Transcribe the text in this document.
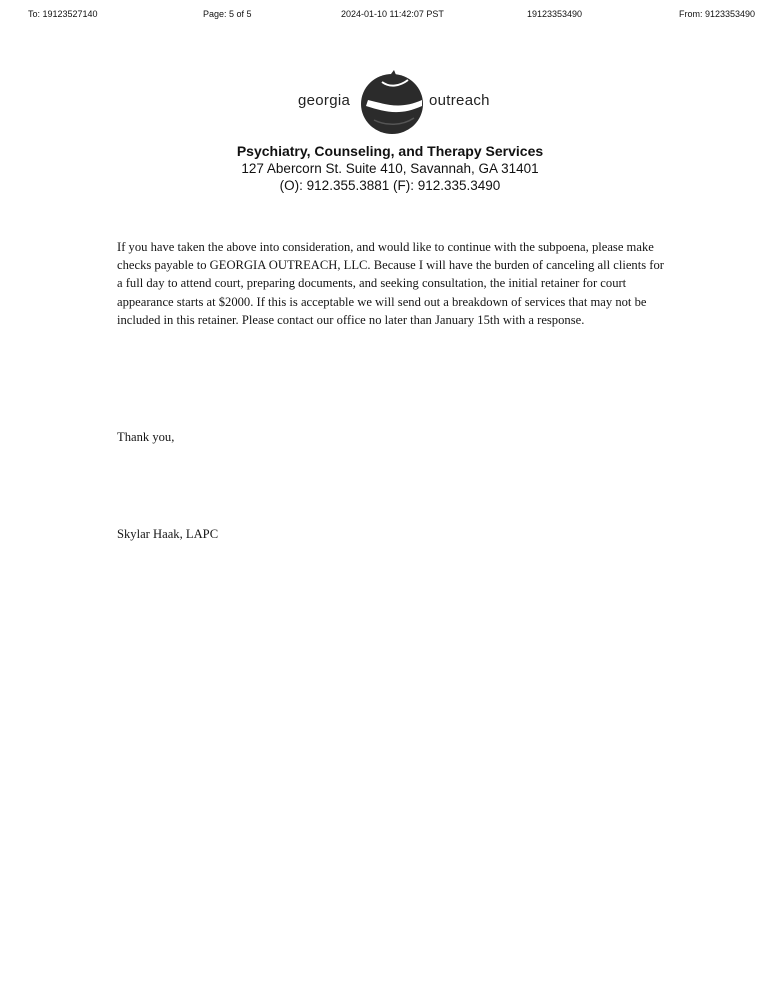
To: 19123527140	Page: 5 of 5	2024-01-10 11:42:07 PST	19123353490	From: 9123353490
georgia	outreach
Psychiatry, Counseling, and Therapy Services
127 Abercorn St. Suite 410, Savannah, GA 31401
(O): 912.355.3881 (F): 912.335.3490

If you have taken the above into consideration, and would like to continue with the subpoena, please make checks payable to GEORGIA OUTREACH, LLC. Because I will have the burden of canceling all clients for a full day to attend court, preparing documents, and seeking consultation, the initial retainer for court appearance starts at $2000. If this is acceptable we will send out a breakdown of services that may not be included in this retainer. Please contact our office no later than January 15th with a response.

Thank you,
Skylar Haak, LAPC
